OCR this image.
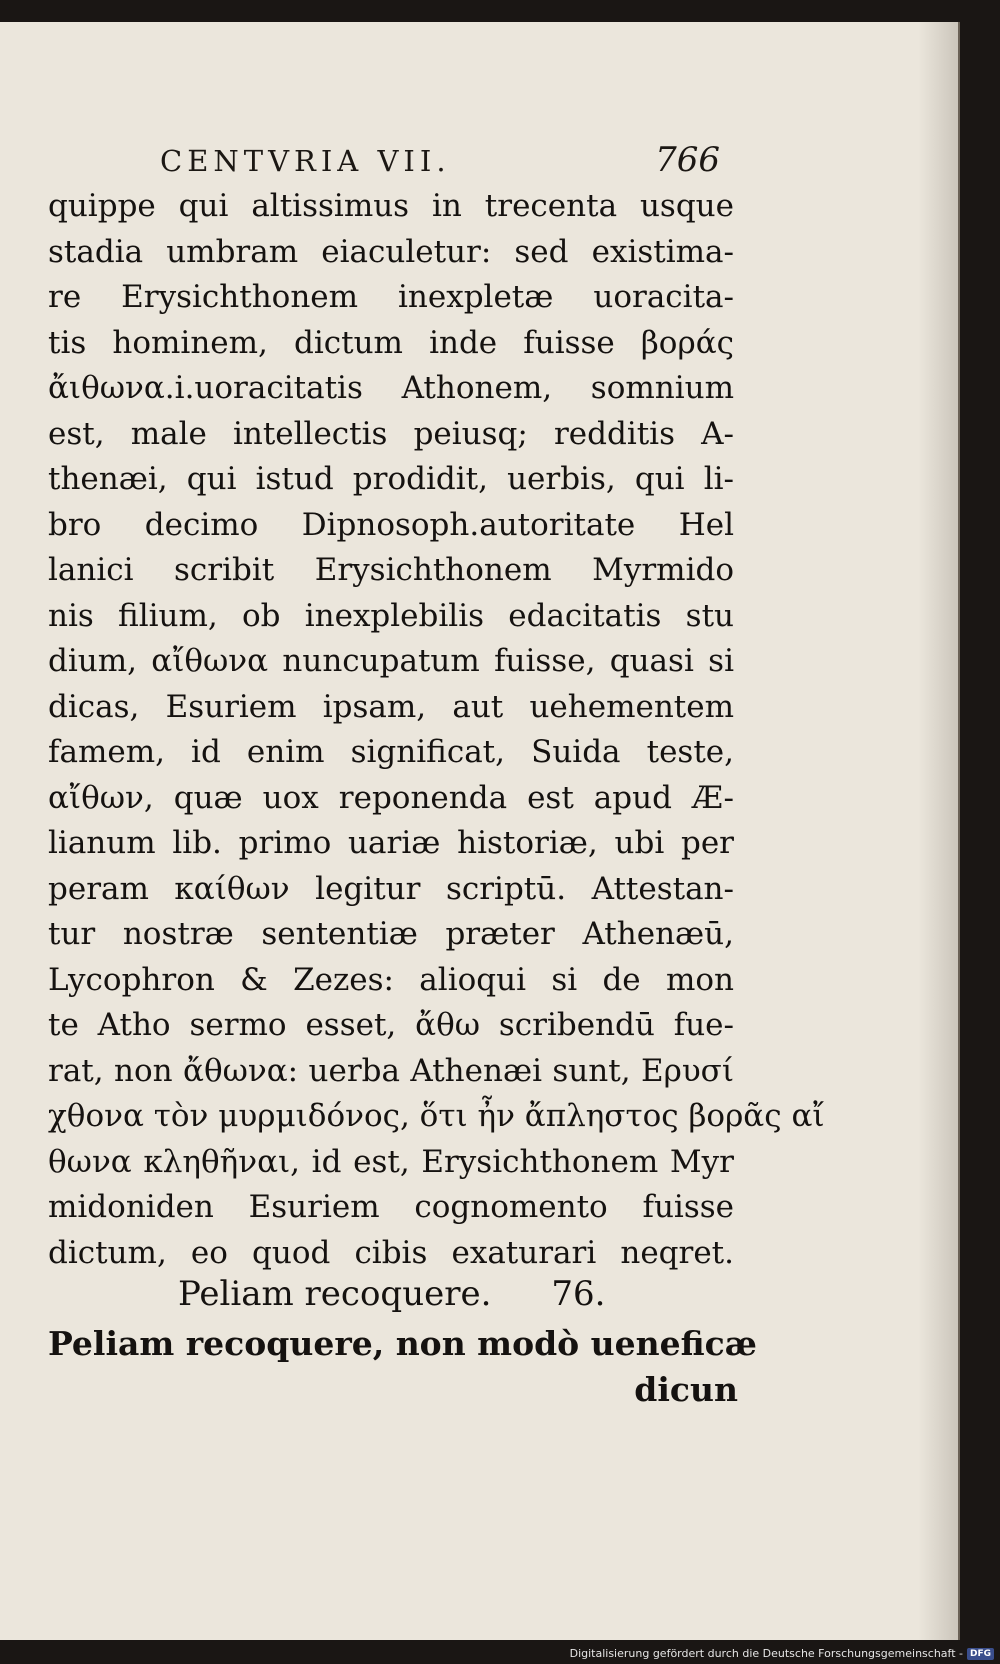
CENTVRIA VII.	766
quippe qui altissimus in trecenta usque
stadia umbram eiaculetur: sed existima-
re Erysichthonem inexpletæ uoracita-
tis hominem, dictum inde fuisse βοράς
ἄιθωνα.i.uoracitatis Athonem, somnium
est, male intellectis peiusq; redditis A-
thenæi, qui istud prodidit, uerbis, qui li-
bro decimo Dipnosoph.autoritate Hel
lanici scribit Erysichthonem Myrmido
nis filium, ob inexplebilis edacitatis stu
dium, αἴθωνα nuncupatum fuisse, quasi si
dicas, Esuriem ipsam, aut uehementem
famem, id enim significat, Suida teste,
αἴθων, quæ uox reponenda est apud Æ-
lianum lib. primo uariæ historiæ, ubi per
peram καίθων legitur scriptū. Attestan-
tur nostræ sententiæ præter Athenæū,
Lycophron & Zezes: alioqui si de mon
te Atho sermo esset, ἄθω scribendū fue-
rat, non ἄθωνα: uerba Athenæi sunt, Ερυσί
χθονα τὸν μυρμιδόνος, ὅτι ἦν ἄπληστος βορᾶς αἴ
θωνα κληθῆναι, id est, Erysichthonem Myr
midoniden Esuriem cognomento fuisse
dictum, eo quod cibis exaturari neqret.
Peliam recoquere. 76.
Peliam recoquere, non modò ueneficæ
dicun
Digitalisierung gefördert durch die Deutsche Forschungsgemeinschaft - DFG
